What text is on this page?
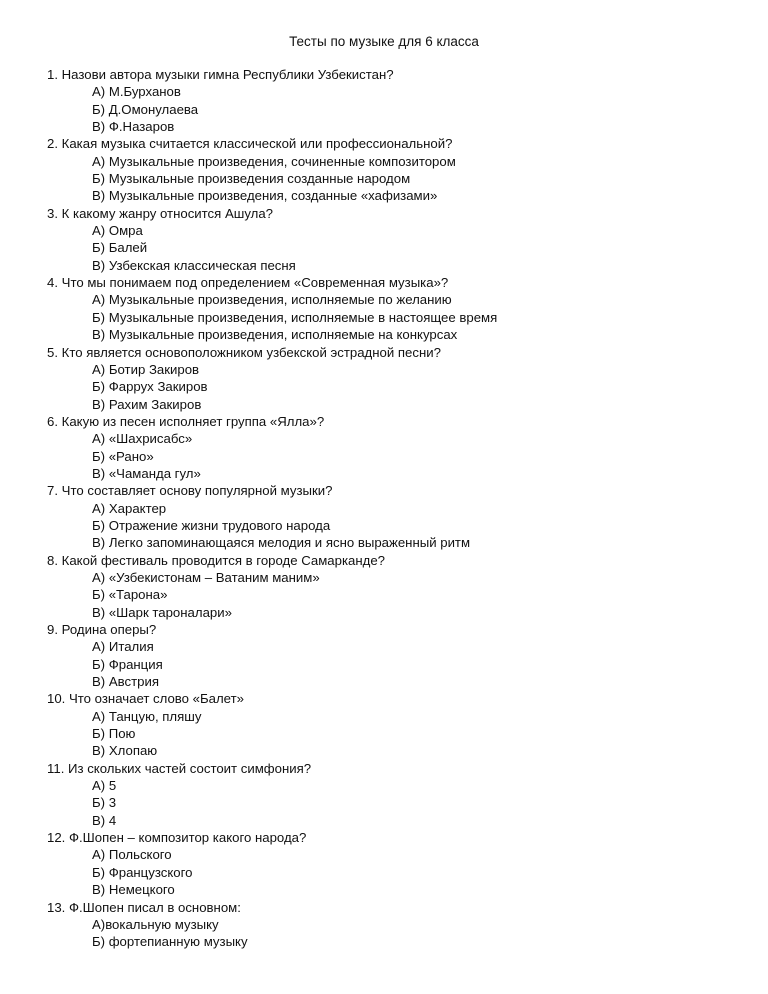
Тесты по музыке для 6 класса
1. Назови автора музыки гимна Республики Узбекистан?
А) М.Бурханов
Б) Д.Омонулаева
В) Ф.Назаров
2. Какая музыка считается классической или профессиональной?
А) Музыкальные произведения, сочиненные композитором
Б) Музыкальные произведения созданные народом
В) Музыкальные произведения, созданные «хафизами»
3. К какому жанру относится Ашула?
А) Омра
Б) Балей
В) Узбекская классическая песня
4. Что мы понимаем под определением «Современная музыка»?
А) Музыкальные произведения, исполняемые по желанию
Б) Музыкальные произведения, исполняемые в настоящее время
В) Музыкальные произведения, исполняемые на конкурсах
5. Кто является основоположником узбекской эстрадной песни?
А) Ботир Закиров
Б) Фаррух Закиров
В) Рахим Закиров
6. Какую из песен исполняет группа «Ялла»?
А) «Шахрисабс»
Б) «Рано»
В) «Чаманда гул»
7. Что составляет основу популярной музыки?
А) Характер
Б) Отражение жизни трудового народа
В) Легко запоминающаяся мелодия и ясно выраженный ритм
8. Какой фестиваль проводится в городе Самарканде?
А) «Узбекистонам – Ватаним маним»
Б) «Тарона»
В) «Шарк тароналари»
9. Родина оперы?
А) Италия
Б) Франция
В) Австрия
10. Что означает слово «Балет»
А) Танцую, пляшу
Б) Пою
В) Хлопаю
11. Из скольких частей состоит симфония?
А) 5
Б) 3
В) 4
12. Ф.Шопен – композитор какого народа?
А) Польского
Б) Французского
В) Немецкого
13. Ф.Шопен писал в основном:
А)вокальную музыку
Б) фортепианную музыку
